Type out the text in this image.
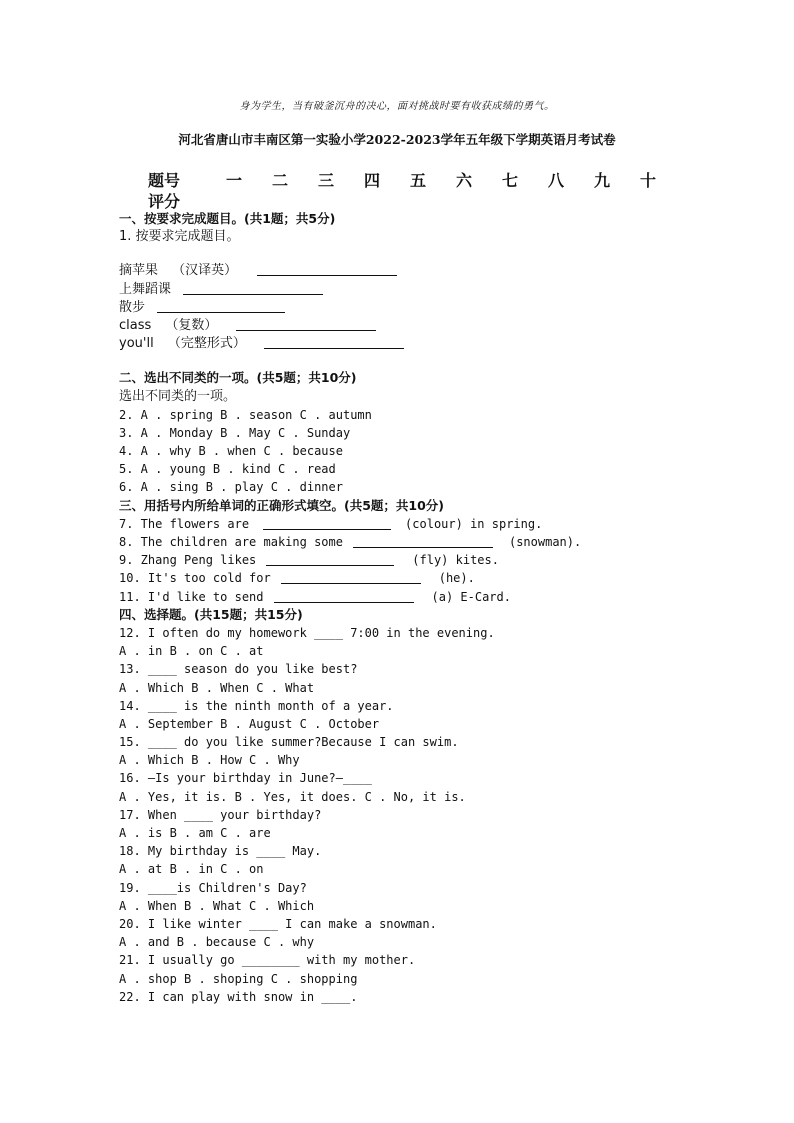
身为学生，当有破釜沉舟的决心，面对挑战时要有收获成绩的勇气。
河北省唐山市丰南区第一实验小学2022-2023学年五年级下学期英语月考试卷
题号	一 二 三 四 五 六 七 八 九 十
评分
一、按要求完成题目。(共1题；共5分)
1. 按要求完成题目。
摘苹果 （汉译英）
上舞蹈课
散步
class （复数）
you'll （完整形式）
二、选出不同类的一项。(共5题；共10分)
选出不同类的一项。
2. A . spring B . season C . autumn
3. A . Monday B . May C . Sunday
4. A . why B . when C . because
5. A . young B . kind C . read
6. A . sing B . play C . dinner
三、用括号内所给单词的正确形式填空。(共5题；共10分)
7. The flowers are	(colour) in spring.
8. The children are making some	(snowman).
9. Zhang Peng likes	(fly) kites.
10. It's too cold for	(he).
11. I'd like to send	(a) E-Card.
四、选择题。(共15题；共15分)
12. I often do my homework ____ 7:00 in the evening.
A . in B . on C . at
13. ____ season do you like best?
A . Which B . When C . What
14. ____ is the ninth month of a year.
A . September B . August C . October
15. ____ do you like summer?Because I can swim.
A . Which B . How C . Why
16. —Is your birthday in June?—____
A . Yes, it is. B . Yes, it does. C . No, it is.
17. When ____ your birthday?
A . is B . am C . are
18. My birthday is ____ May.
A . at B . in C . on
19. ____is Children's Day?
A . When B . What C . Which
20. I like winter ____ I can make a snowman.
A . and B . because C . why
21. I usually go ________ with my mother.
A . shop B . shoping C . shopping
22. I can play with snow in ____.
